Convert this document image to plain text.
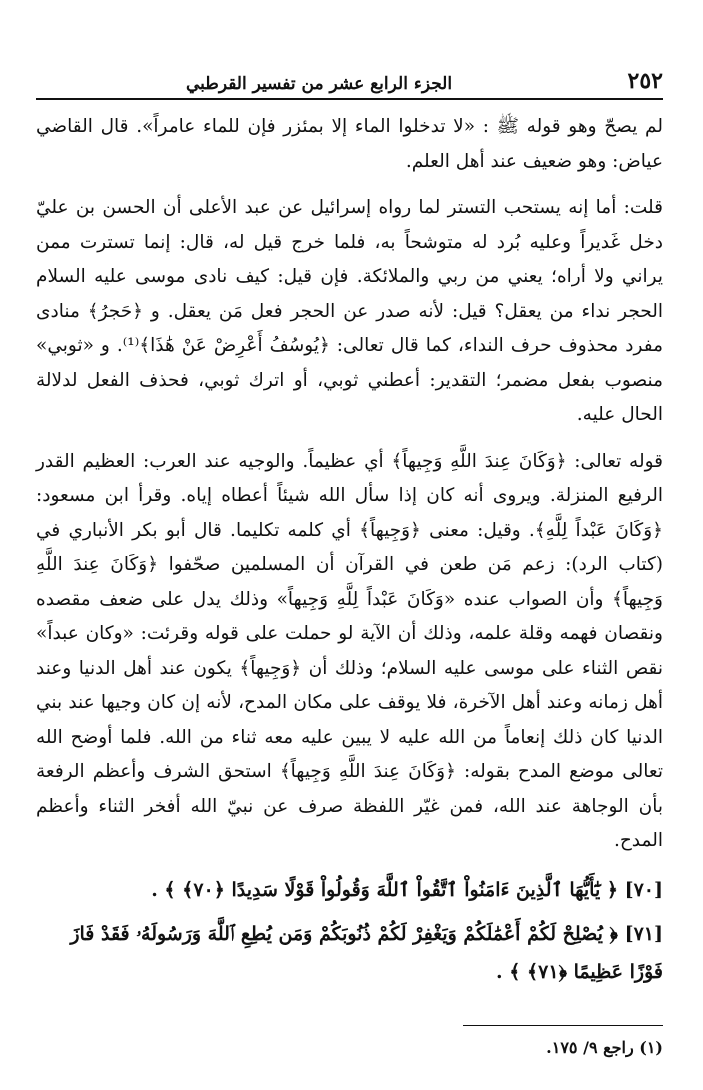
٢٥٢
الجزء الرابع عشر من تفسير القرطبي

لم يصحّ وهو قوله ﷺ : «لا تدخلوا الماء إلا بمئزر فإن للماء عامراً». قال القاضي عياض: وهو ضعيف عند أهل العلم.

قلت: أما إنه يستحب التستر لما رواه إسرائيل عن عبد الأعلى أن الحسن بن عليّ دخل غَديراً وعليه بُرد له متوشحاً به، فلما خرج قيل له، قال: إنما تسترت ممن يراني ولا أراه؛ يعني من ربي والملائكة. فإن قيل: كيف نادى موسى عليه السلام الحجر نداء من يعقل؟ قيل: لأنه صدر عن الحجر فعل مَن يعقل. و ﴿حَجرُ﴾ منادى مفرد محذوف حرف النداء، كما قال تعالى: ﴿يُوسُفُ أَعْرِضْ عَنْ هَٰذَا﴾⁽¹⁾. و «ثوبي» منصوب بفعل مضمر؛ التقدير: أعطني ثوبي، أو اترك ثوبي، فحذف الفعل لدلالة الحال عليه.

قوله تعالى: ﴿وَكَانَ عِندَ اللَّهِ وَجِيهاً﴾ أي عظيماً. والوجيه عند العرب: العظيم القدر الرفيع المنزلة. ويروى أنه كان إذا سأل الله شيئاً أعطاه إياه. وقرأ ابن مسعود: ﴿وَكَانَ عَبْداً لِلَّهِ﴾. وقيل: معنى ﴿وَجِيهاً﴾ أي كلمه تكليما. قال أبو بكر الأنباري في (كتاب الرد): زعم مَن طعن في القرآن أن المسلمين صحّفوا ﴿وَكَانَ عِندَ اللَّهِ وَجِيهاً﴾ وأن الصواب عنده «وَكَانَ عَبْداً لِلَّهِ وَجِيهاً» وذلك يدل على ضعف مقصده ونقصان فهمه وقلة علمه، وذلك أن الآية لو حملت على قوله وقرئت: «وكان عبداً» نقص الثناء على موسى عليه السلام؛ وذلك أن ﴿وَجِيهاً﴾ يكون عند أهل الدنيا وعند أهل زمانه وعند أهل الآخرة، فلا يوقف على مكان المدح، لأنه إن كان وجيها عند بني الدنيا كان ذلك إنعاماً من الله عليه لا يبين عليه معه ثناء من الله. فلما أوضح الله تعالى موضع المدح بقوله: ﴿وَكَانَ عِندَ اللَّهِ وَجِيهاً﴾ استحق الشرف وأعظم الرفعة بأن الوجاهة عند الله، فمن غيّر اللفظة صرف عن نبيّ الله أفخر الثناء وأعظم المدح.

[٧٠] ﴿ يَٰٓأَيُّهَا ٱلَّذِينَ ءَامَنُواْ ٱتَّقُواْ ٱللَّهَ وَقُولُواْ قَوْلًا سَدِيدًا ﴿٧٠﴾ ﴾ .

[٧١] ﴿ يُصْلِحْ لَكُمْ أَعْمَٰلَكُمْ وَيَغْفِرْ لَكُمْ ذُنُوبَكُمْ وَمَن يُطِعِ ٱللَّهَ وَرَسُولَهُۥ فَقَدْ فَازَ فَوْزًا عَظِيمًا ﴿٧١﴾ ﴾ .

(١) راجع ٩/ ١٧٥.
